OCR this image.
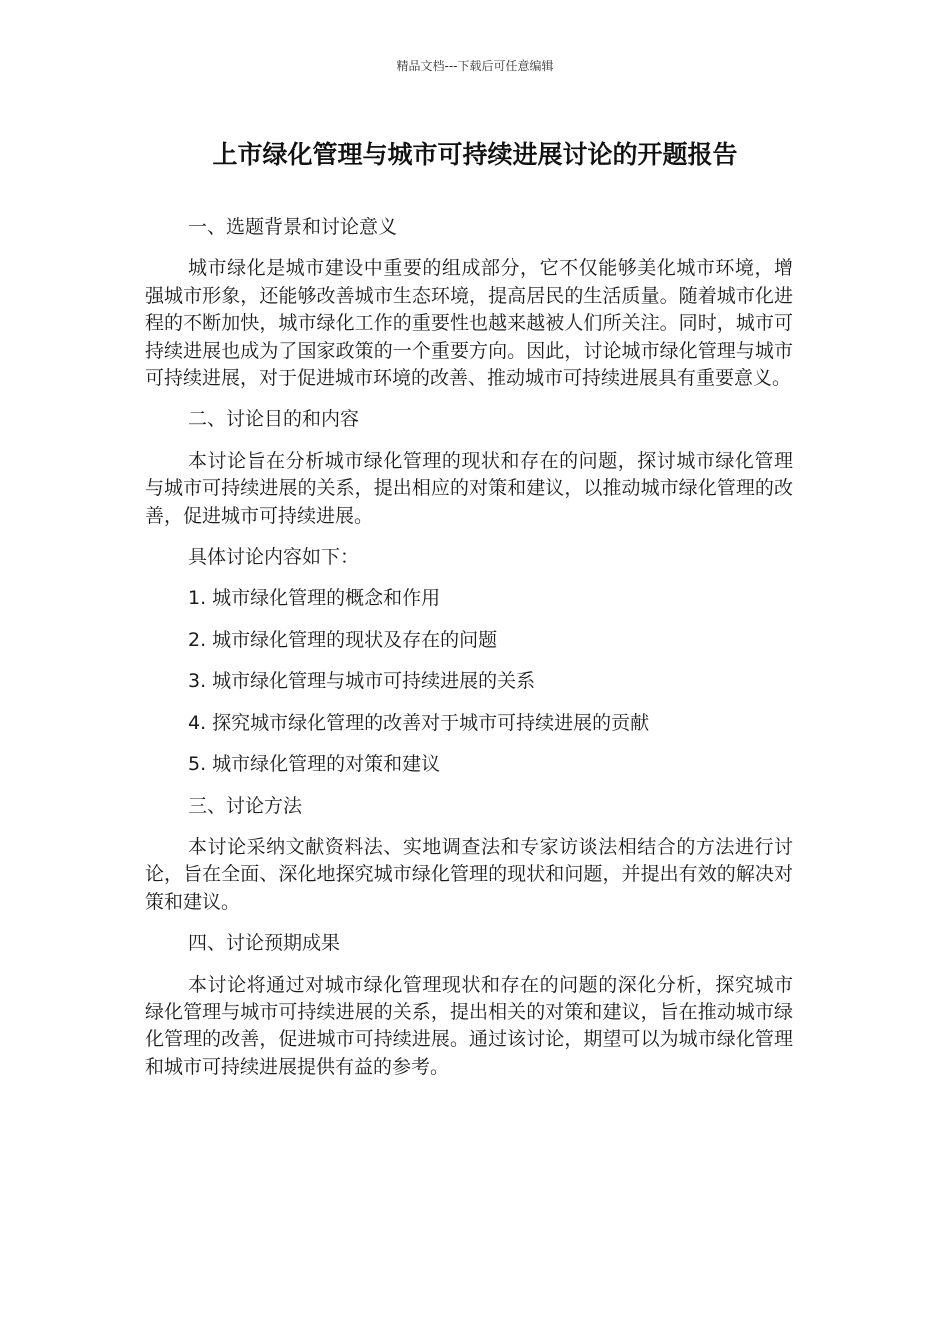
精品文档---下载后可任意编辑
上市绿化管理与城市可持续进展讨论的开题报告

一、选题背景和讨论意义

城市绿化是城市建设中重要的组成部分，它不仅能够美化城市环境，增强城市形象，还能够改善城市生态环境，提高居民的生活质量。随着城市化进程的不断加快，城市绿化工作的重要性也越来越被人们所关注。同时，城市可持续进展也成为了国家政策的一个重要方向。因此，讨论城市绿化管理与城市可持续进展，对于促进城市环境的改善、推动城市可持续进展具有重要意义。

二、讨论目的和内容

本讨论旨在分析城市绿化管理的现状和存在的问题，探讨城市绿化管理与城市可持续进展的关系，提出相应的对策和建议，以推动城市绿化管理的改善，促进城市可持续进展。

具体讨论内容如下：

1. 城市绿化管理的概念和作用
2. 城市绿化管理的现状及存在的问题
3. 城市绿化管理与城市可持续进展的关系
4. 探究城市绿化管理的改善对于城市可持续进展的贡献
5. 城市绿化管理的对策和建议

三、讨论方法

本讨论采纳文献资料法、实地调查法和专家访谈法相结合的方法进行讨论，旨在全面、深化地探究城市绿化管理的现状和问题，并提出有效的解决对策和建议。

四、讨论预期成果

本讨论将通过对城市绿化管理现状和存在的问题的深化分析，探究城市绿化管理与城市可持续进展的关系，提出相关的对策和建议，旨在推动城市绿化管理的改善，促进城市可持续进展。通过该讨论，期望可以为城市绿化管理和城市可持续进展提供有益的参考。
